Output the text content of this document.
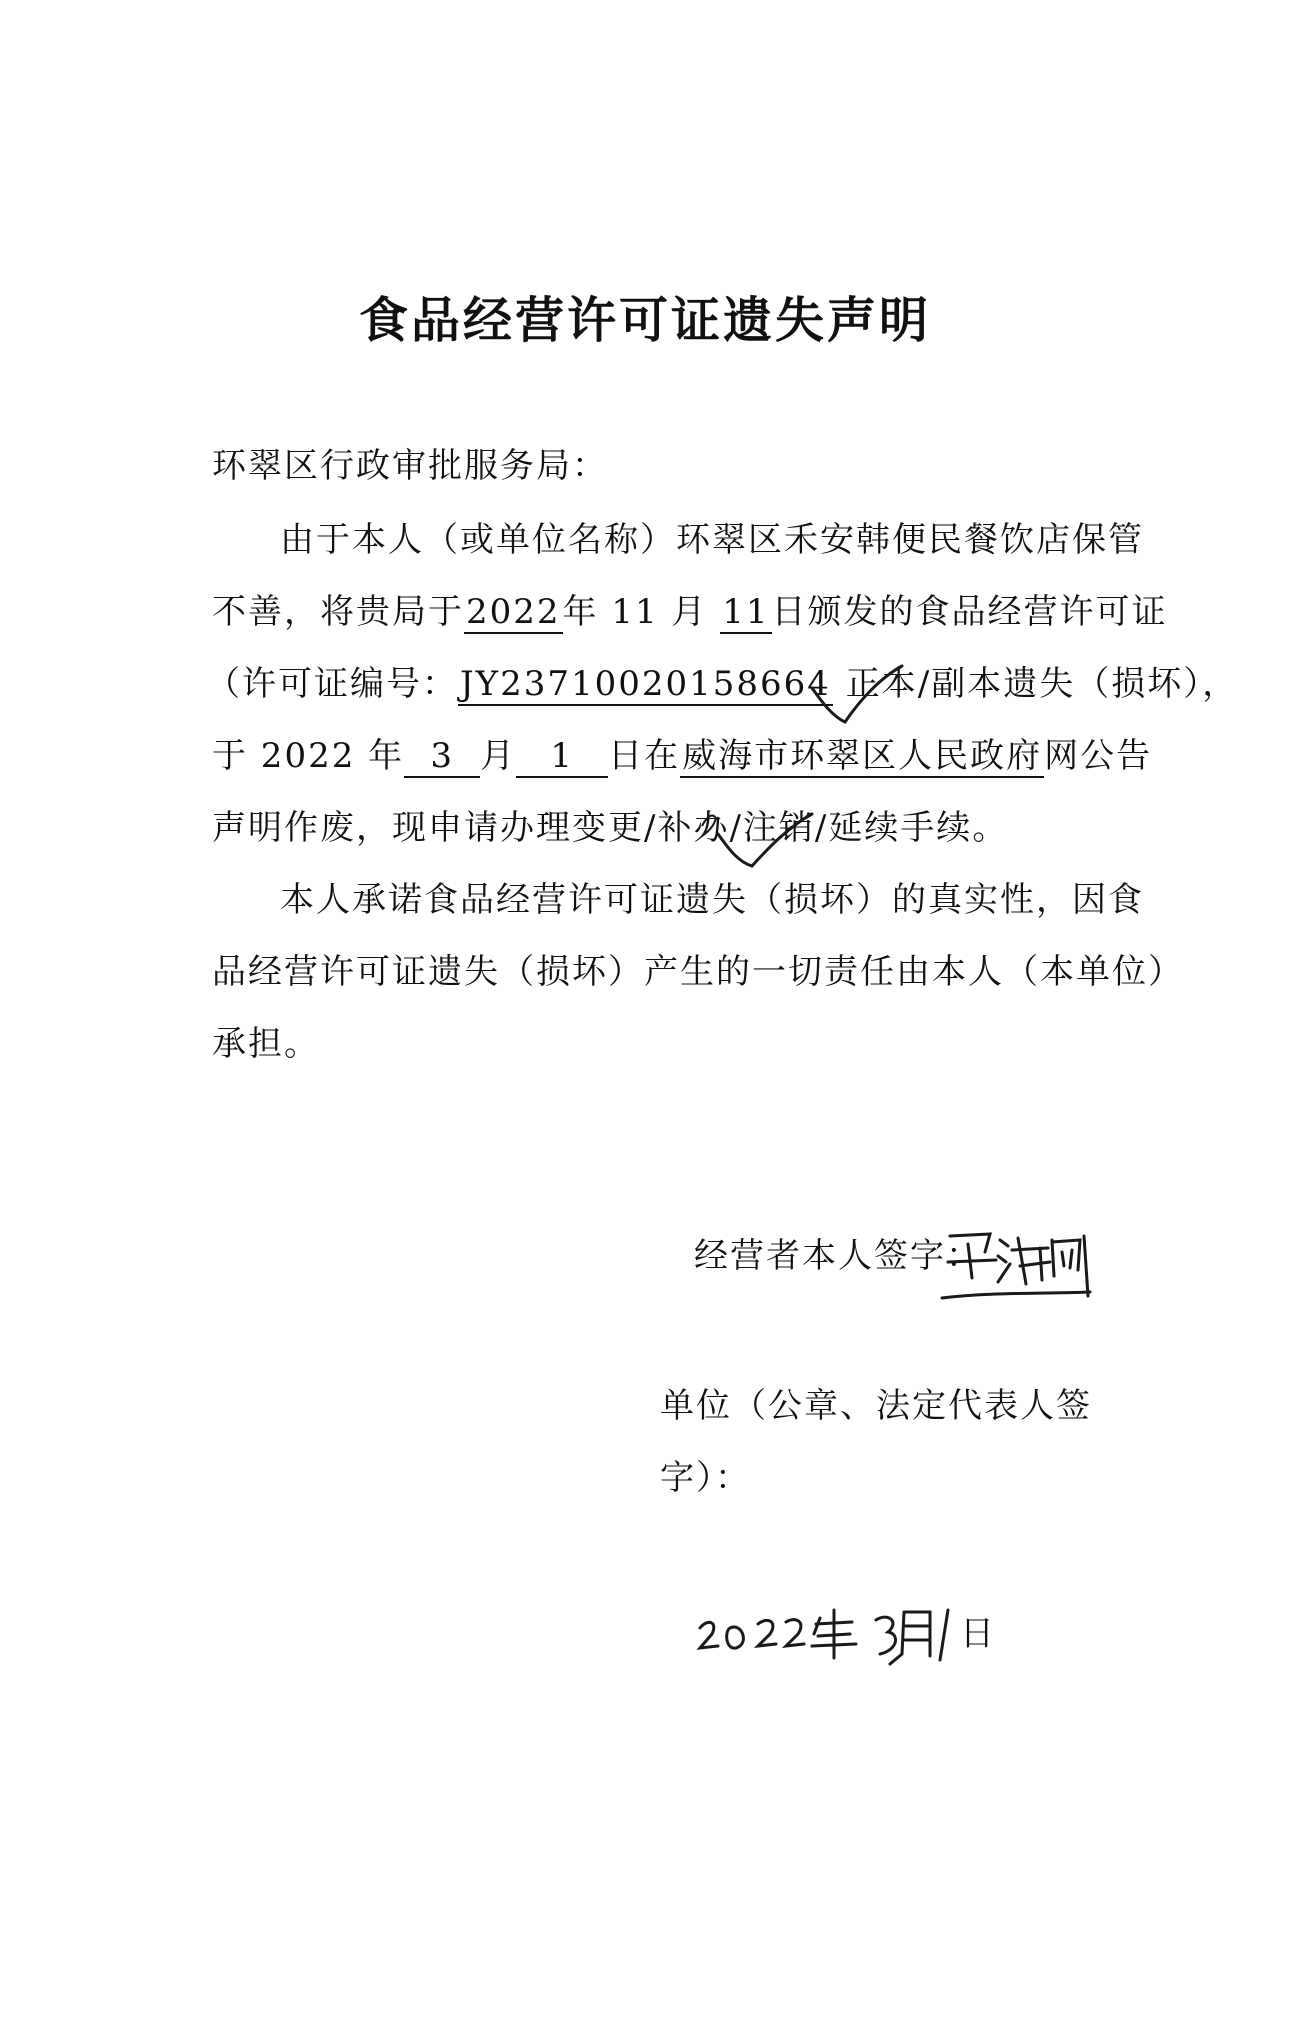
食品经营许可证遗失声明
环翠区行政审批服务局：
由于本人（或单位名称）环翠区禾安韩便民餐饮店保管
不善，将贵局于2022年 11 月 11日颁发的食品经营许可证
（许可证编号：JY23710020158664 正本/副本遗失（损坏），
于 2022 年 3 月 1 日在威海市环翠区人民政府网公告
声明作废，现申请办理变更/补办/注销/延续手续。
本人承诺食品经营许可证遗失（损坏）的真实性，因食
品经营许可证遗失（损坏）产生的一切责任由本人（本单位）
承担。
经营者本人签字：
单位（公章、法定代表人签
字）：
日
